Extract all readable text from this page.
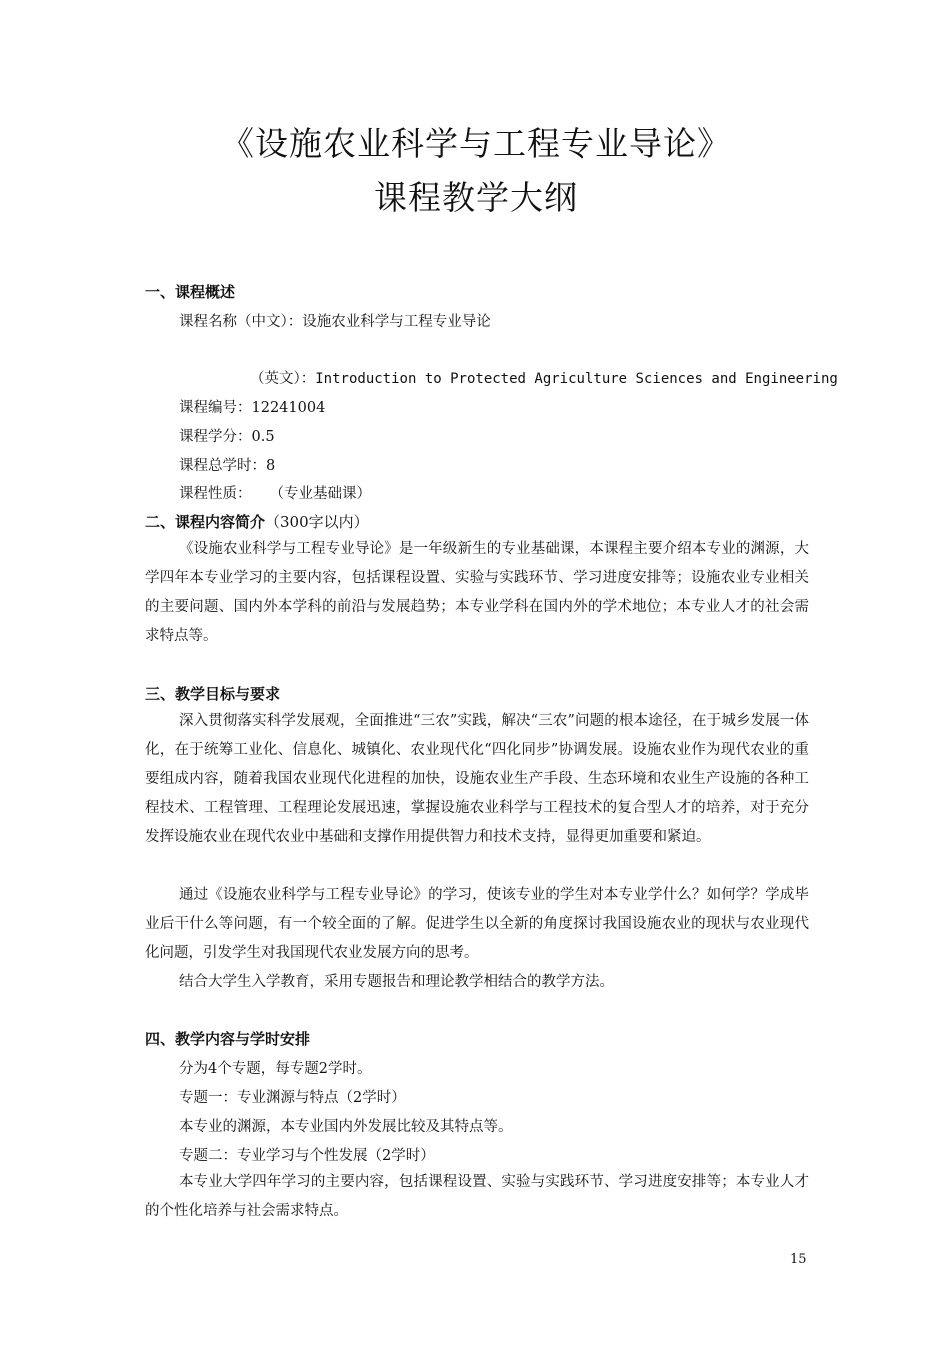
《设施农业科学与工程专业导论》
课程教学大纲
一、课程概述
课程名称（中文）：设施农业科学与工程专业导论
（英文）：Introduction to Protected Agriculture Sciences and Engineering
课程编号：12241004
课程学分：0.5
课程总学时：8
课程性质： （专业基础课）
二、课程内容简介（300字以内）
《设施农业科学与工程专业导论》是一年级新生的专业基础课，本课程主要介绍本专业的渊源，大学四年本专业学习的主要内容，包括课程设置、实验与实践环节、学习进度安排等；设施农业专业相关的主要问题、国内外本学科的前沿与发展趋势；本专业学科在国内外的学术地位；本专业人才的社会需求特点等。
三、教学目标与要求
深入贯彻落实科学发展观，全面推进“三农”实践，解决“三农”问题的根本途径，在于城乡发展一体化，在于统筹工业化、信息化、城镇化、农业现代化“四化同步”协调发展。设施农业作为现代农业的重要组成内容，随着我国农业现代化进程的加快，设施农业生产手段、生态环境和农业生产设施的各种工程技术、工程管理、工程理论发展迅速，掌握设施农业科学与工程技术的复合型人才的培养，对于充分发挥设施农业在现代农业中基础和支撑作用提供智力和技术支持，显得更加重要和紧迫。
通过《设施农业科学与工程专业导论》的学习，使该专业的学生对本专业学什么？如何学？学成毕业后干什么等问题，有一个较全面的了解。促进学生以全新的角度探讨我国设施农业的现状与农业现代化问题，引发学生对我国现代农业发展方向的思考。
结合大学生入学教育，采用专题报告和理论教学相结合的教学方法。
四、教学内容与学时安排
分为4个专题，每专题2学时。
专题一：专业渊源与特点（2学时）
本专业的渊源，本专业国内外发展比较及其特点等。
专题二：专业学习与个性发展（2学时）
本专业大学四年学习的主要内容，包括课程设置、实验与实践环节、学习进度安排等；本专业人才的个性化培养与社会需求特点。
15
